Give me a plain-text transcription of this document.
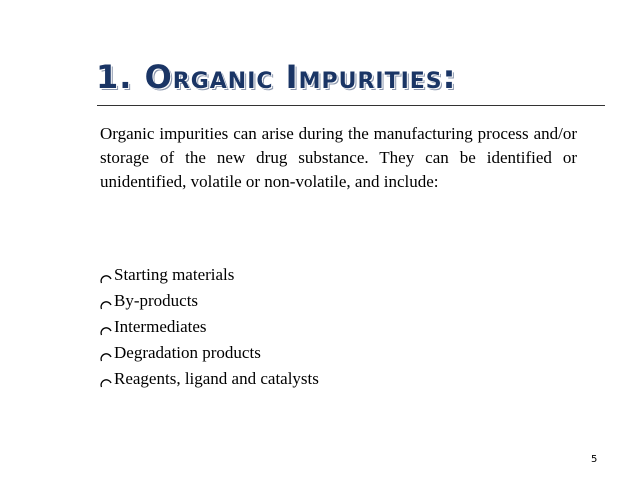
1. Organic Impurities:

Organic impurities can arise during the manufacturing process and/or storage of the new drug substance. They can be identified or unidentified, volatile or non-volatile, and include:

Starting materials
By-products
Intermediates
Degradation products
Reagents, ligand and catalysts
5
